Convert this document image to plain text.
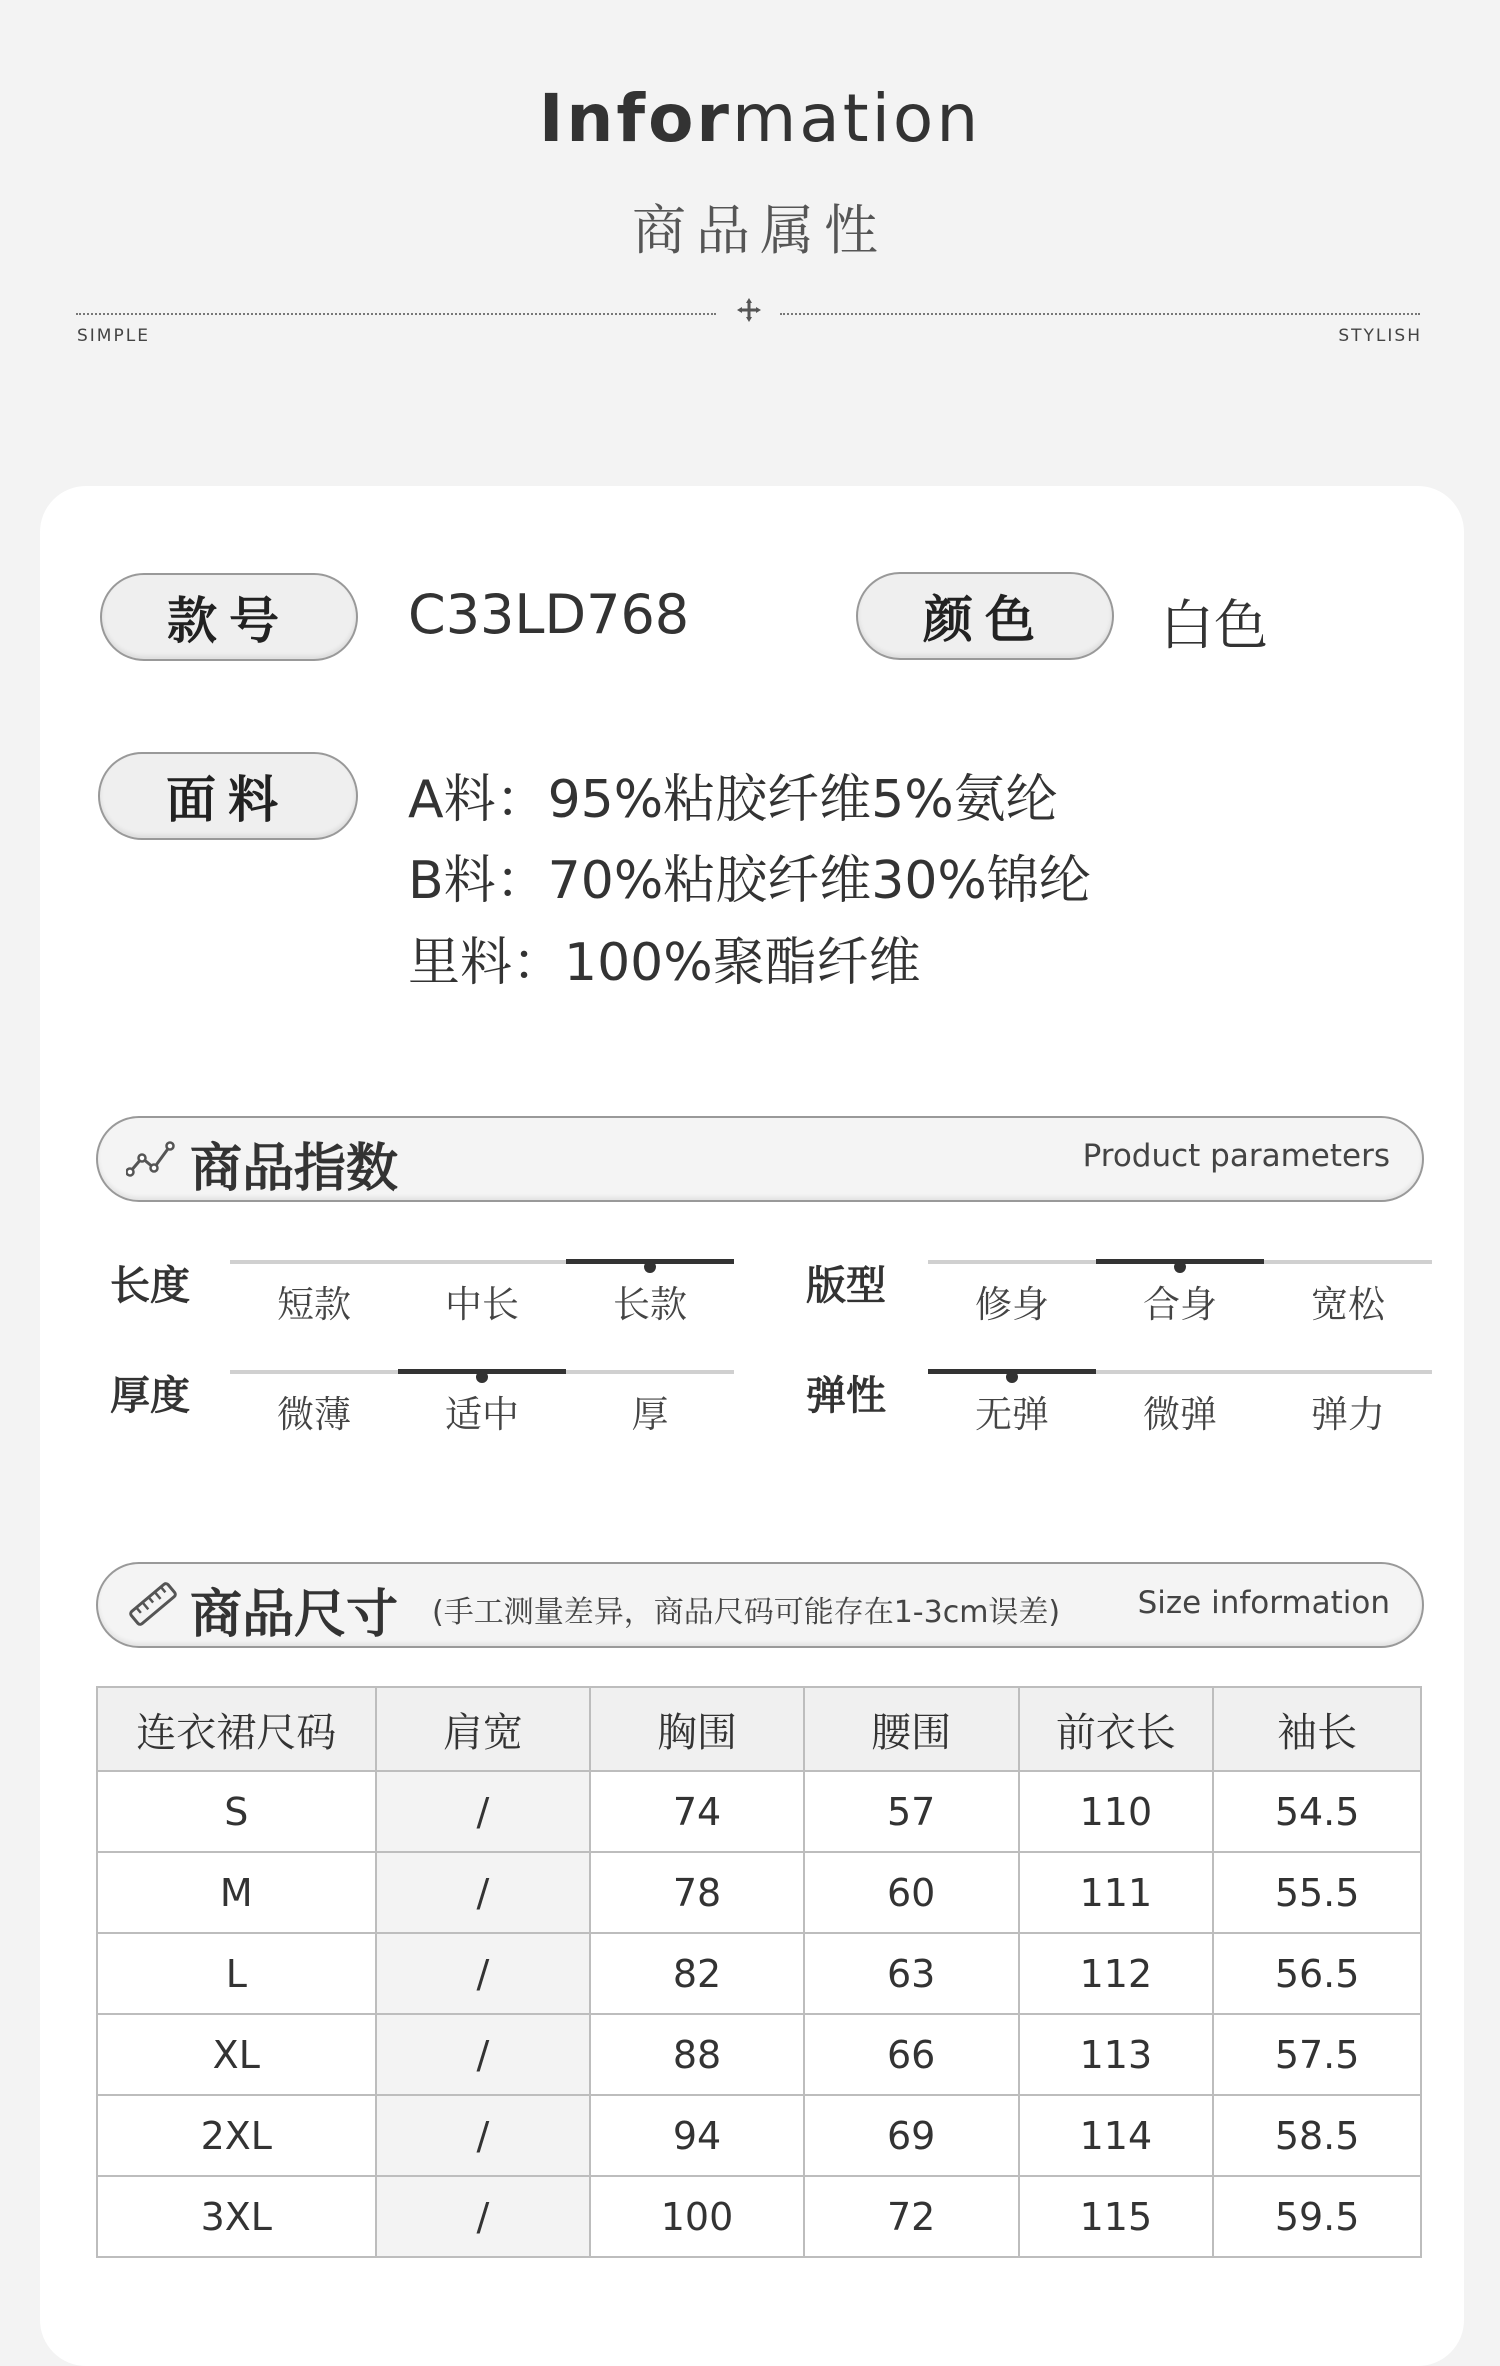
Information
商品属性
SIMPLE	STYLISH
款号	C33LD768	颜色	白色
面料	A料：95%粘胶纤维5%氨纶
B料：70%粘胶纤维30%锦纶
里料：100%聚酯纤维
商品指数	Product parameters
长度	短款	中长	长款	版型	修身	合身	宽松
厚度	微薄	适中	厚	弹性	无弹	微弹	弹力
商品尺寸 (手工测量差异，商品尺码可能存在1-3cm误差) Size information
连衣裙尺码	肩宽	胸围	腰围	前衣长	袖长
S	/	74	57	110	54.5
M	/	78	60	111	55.5
L	/	82	63	112	56.5
XL	/	88	66	113	57.5
2XL	/	94	69	114	58.5
3XL	/	100	72	115	59.5
